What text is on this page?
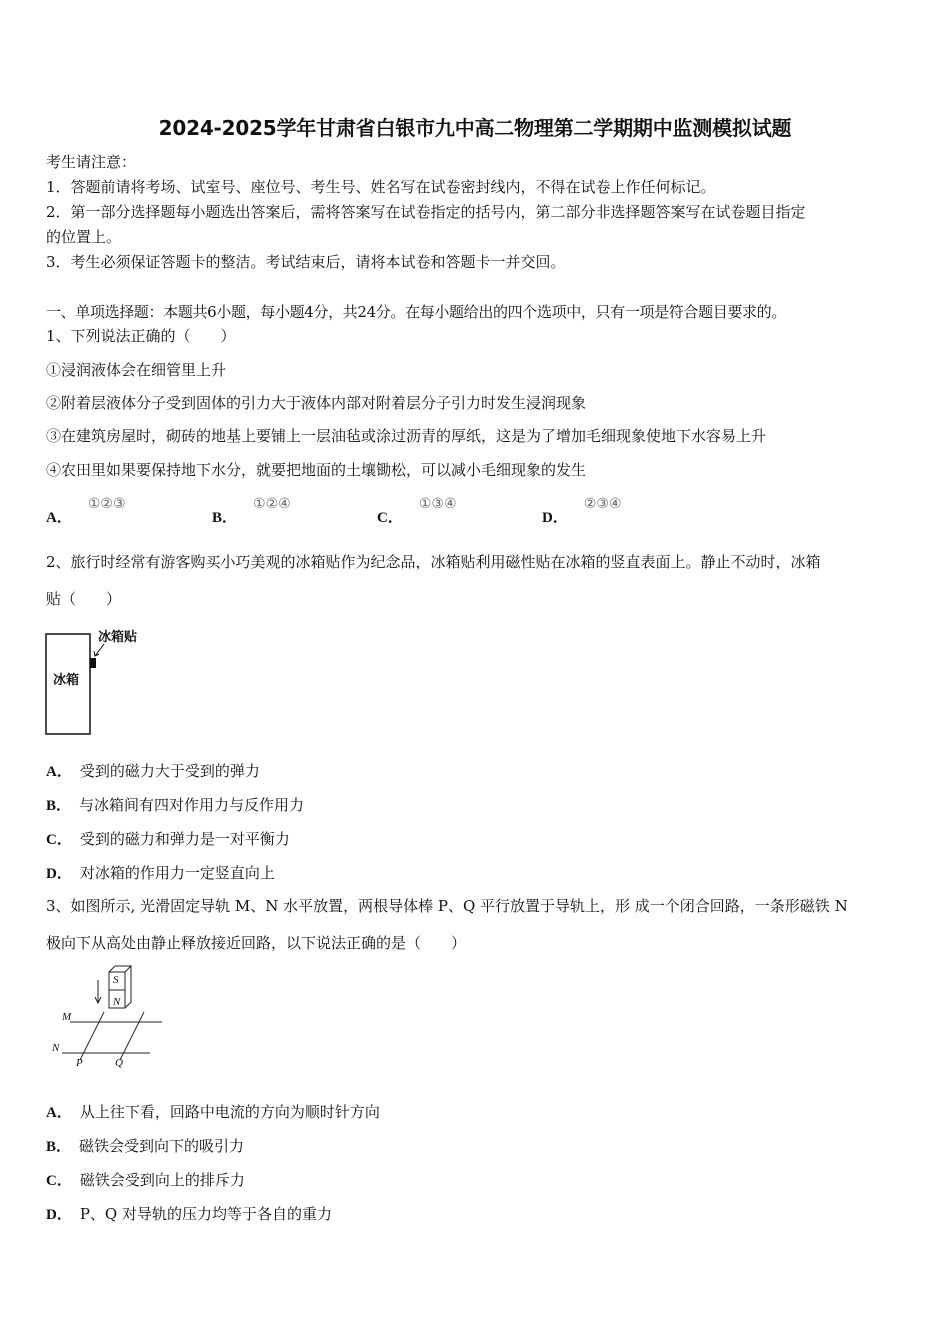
2024-2025学年甘肃省白银市九中高二物理第二学期期中监测模拟试题
考生请注意：
1．答题前请将考场、试室号、座位号、考生号、姓名写在试卷密封线内，不得在试卷上作任何标记。
2．第一部分选择题每小题选出答案后，需将答案写在试卷指定的括号内，第二部分非选择题答案写在试卷题目指定
的位置上。
3．考生必须保证答题卡的整洁。考试结束后，请将本试卷和答题卡一并交回。
一、单项选择题：本题共6小题，每小题4分，共24分。在每小题给出的四个选项中，只有一项是符合题目要求的。
1、下列说法正确的（　　）
①浸润液体会在细管里上升
②附着层液体分子受到固体的引力大于液体内部对附着层分子引力时发生浸润现象
③在建筑房屋时，砌砖的地基上要铺上一层油毡或涂过沥青的厚纸，这是为了增加毛细现象使地下水容易上升
④农田里如果要保持地下水分，就要把地面的土壤锄松，可以减小毛细现象的发生
A．①②③
B．①②④
C．①③④
D．②③④
2、旅行时经常有游客购买小巧美观的冰箱贴作为纪念品，冰箱贴利用磁性贴在冰箱的竖直表面上。静止不动时，冰箱
贴（　　）
冰箱
冰箱贴
A． 受到的磁力大于受到的弹力
B． 与冰箱间有四对作用力与反作用力
C． 受到的磁力和弹力是一对平衡力
D． 对冰箱的作用力一定竖直向上
3、如图所示, 光滑固定导轨 M、N 水平放置，两根导体棒 P、Q 平行放置于导轨上，形 成一个闭合回路，一条形磁铁 N
极向下从高处由静止释放接近回路，以下说法正确的是（　　）
S
N
M
N
P	Q
A． 从上往下看，回路中电流的方向为顺时针方向
B． 磁铁会受到向下的吸引力
C． 磁铁会受到向上的排斥力
D． P、Q 对导轨的压力均等于各自的重力
